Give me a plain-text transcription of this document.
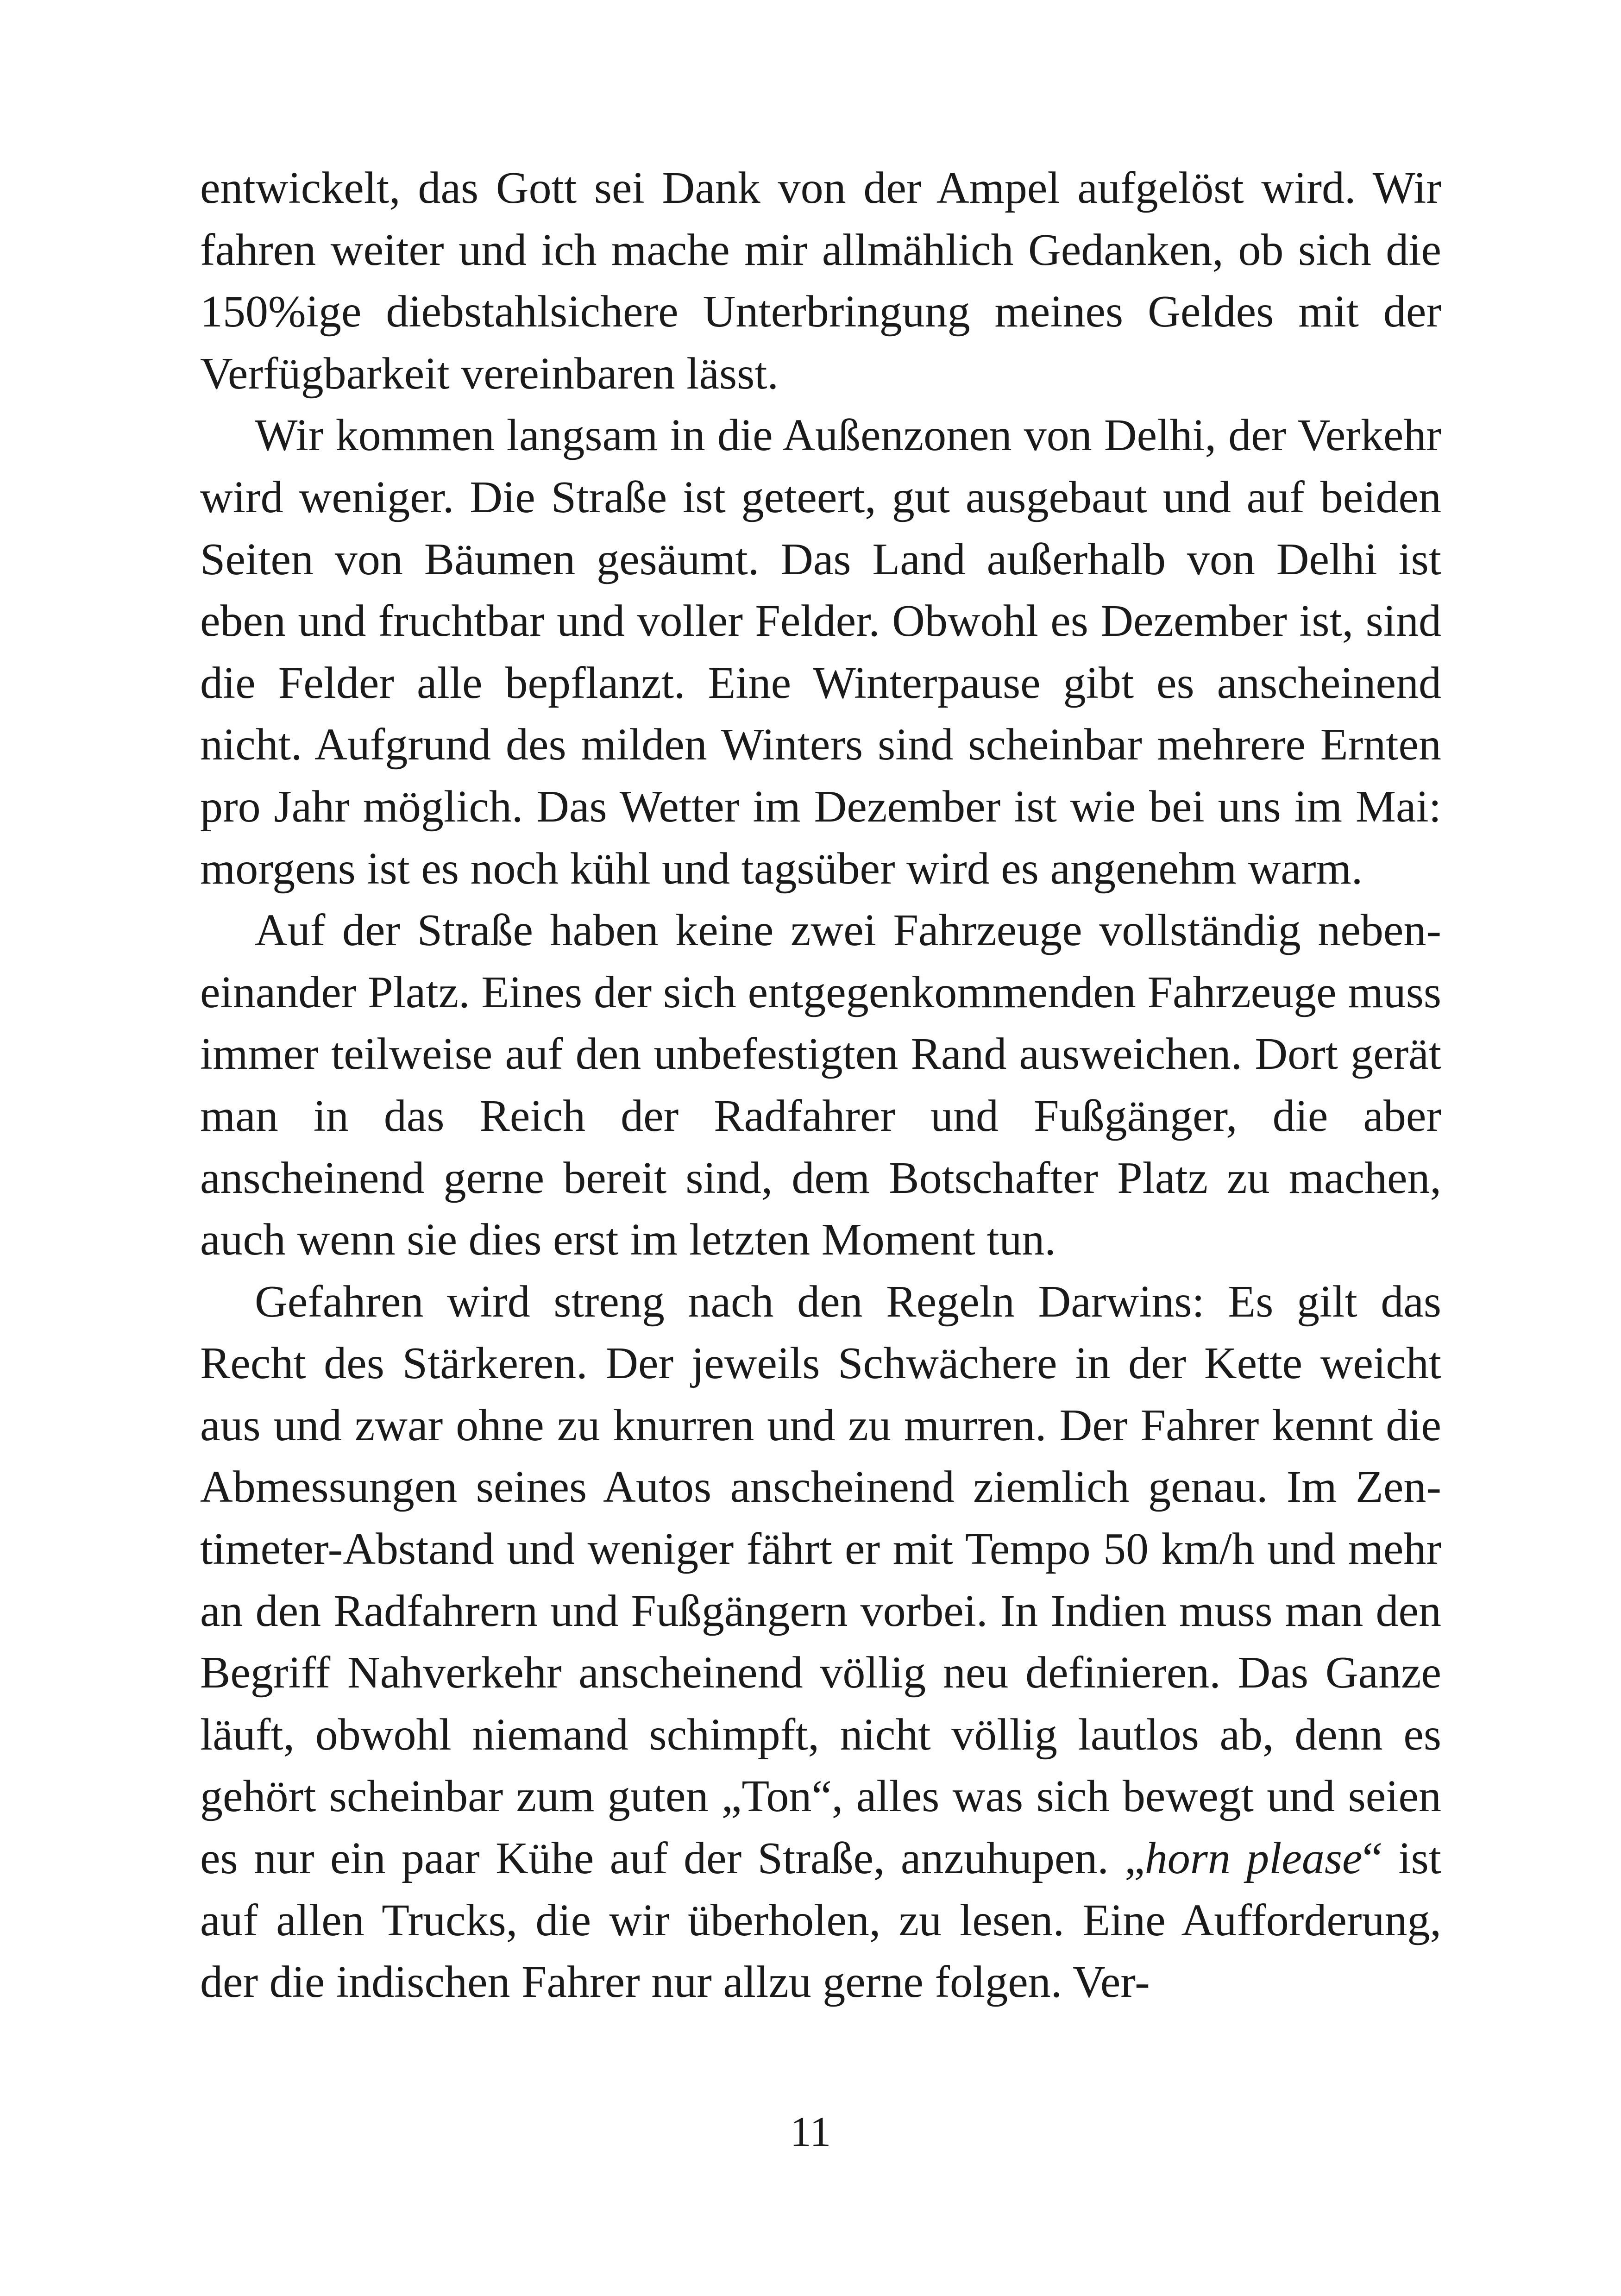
entwickelt, das Gott sei Dank von der Ampel aufgelöst wird. Wir fahren weiter und ich mache mir allmählich Gedanken, ob sich die 150%ige diebstahlsichere Unterbringung meines Geldes mit der Verfügbarkeit vereinbaren lässt.

Wir kommen langsam in die Außenzonen von Delhi, der Verkehr wird weniger. Die Straße ist geteert, gut ausgebaut und auf beiden Seiten von Bäumen gesäumt. Das Land außerhalb von Delhi ist eben und fruchtbar und voller Felder. Obwohl es Dezember ist, sind die Felder alle bepflanzt. Eine Winterpause gibt es anscheinend nicht. Aufgrund des milden Winters sind scheinbar mehrere Ernten pro Jahr möglich. Das Wetter im Dezember ist wie bei uns im Mai: morgens ist es noch kühl und tagsüber wird es angenehm warm.

Auf der Straße haben keine zwei Fahrzeuge vollständig nebeneinander Platz. Eines der sich entgegenkommenden Fahrzeuge muss immer teilweise auf den unbefestigten Rand ausweichen. Dort gerät man in das Reich der Radfahrer und Fußgänger, die aber anscheinend gerne bereit sind, dem Botschafter Platz zu machen, auch wenn sie dies erst im letzten Moment tun.

Gefahren wird streng nach den Regeln Darwins: Es gilt das Recht des Stärkeren. Der jeweils Schwächere in der Kette weicht aus und zwar ohne zu knurren und zu murren. Der Fahrer kennt die Abmessungen seines Autos anscheinend ziemlich genau. Im Zentimeter-Abstand und weniger fährt er mit Tempo 50 km/h und mehr an den Radfahrern und Fußgängern vorbei. In Indien muss man den Begriff Nahverkehr anscheinend völlig neu definieren. Das Ganze läuft, obwohl niemand schimpft, nicht völlig lautlos ab, denn es gehört scheinbar zum guten „Ton“, alles was sich bewegt und seien es nur ein paar Kühe auf der Straße, anzuhupen. „horn please“ ist auf allen Trucks, die wir überholen, zu lesen. Eine Aufforderung, der die indischen Fahrer nur allzu gerne folgen. Ver-

11
